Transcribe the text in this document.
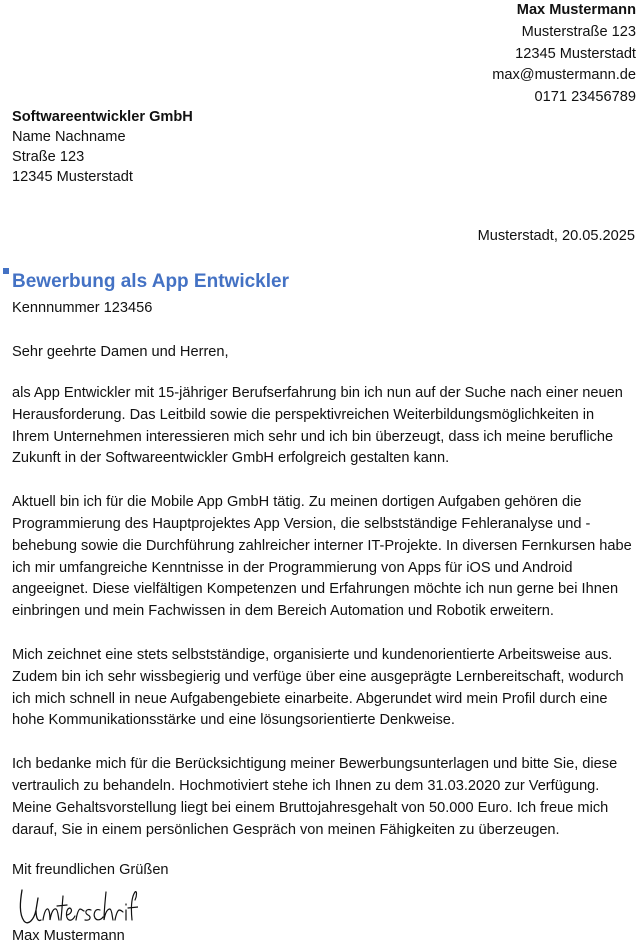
Max Mustermann
Musterstraße 123
12345 Musterstadt
max@mustermann.de
0171 23456789
Softwareentwickler GmbH
Name Nachname
Straße 123
12345 Musterstadt
Musterstadt, 20.05.2025
Bewerbung als App Entwickler
Kennnummer 123456
Sehr geehrte Damen und Herren,

als App Entwickler mit 15-jähriger Berufserfahrung bin ich nun auf der Suche nach einer neuen Herausforderung. Das Leitbild sowie die perspektivreichen Weiterbildungsmöglichkeiten in Ihrem Unternehmen interessieren mich sehr und ich bin überzeugt, dass ich meine berufliche Zukunft in der Softwareentwickler GmbH erfolgreich gestalten kann.

Aktuell bin ich für die Mobile App GmbH tätig. Zu meinen dortigen Aufgaben gehören die Programmierung des Hauptprojektes App Version, die selbstständige Fehleranalyse und -behebung sowie die Durchführung zahlreicher interner IT-Projekte. In diversen Fernkursen habe ich mir umfangreiche Kenntnisse in der Programmierung von Apps für iOS und Android angeeignet. Diese vielfältigen Kompetenzen und Erfahrungen möchte ich nun gerne bei Ihnen einbringen und mein Fachwissen in dem Bereich Automation und Robotik erweitern.

Mich zeichnet eine stets selbstständige, organisierte und kundenorientierte Arbeitsweise aus. Zudem bin ich sehr wissbegierig und verfüge über eine ausgeprägte Lernbereitschaft, wodurch ich mich schnell in neue Aufgabengebiete einarbeite. Abgerundet wird mein Profil durch eine hohe Kommunikationsstärke und eine lösungsorientierte Denkweise.

Ich bedanke mich für die Berücksichtigung meiner Bewerbungsunterlagen und bitte Sie, diese vertraulich zu behandeln. Hochmotiviert stehe ich Ihnen zu dem 31.03.2020 zur Verfügung. Meine Gehaltsvorstellung liegt bei einem Bruttojahresgehalt von 50.000 Euro. Ich freue mich darauf, Sie in einem persönlichen Gespräch von meinen Fähigkeiten zu überzeugen.

Mit freundlichen Grüßen
Max Mustermann
